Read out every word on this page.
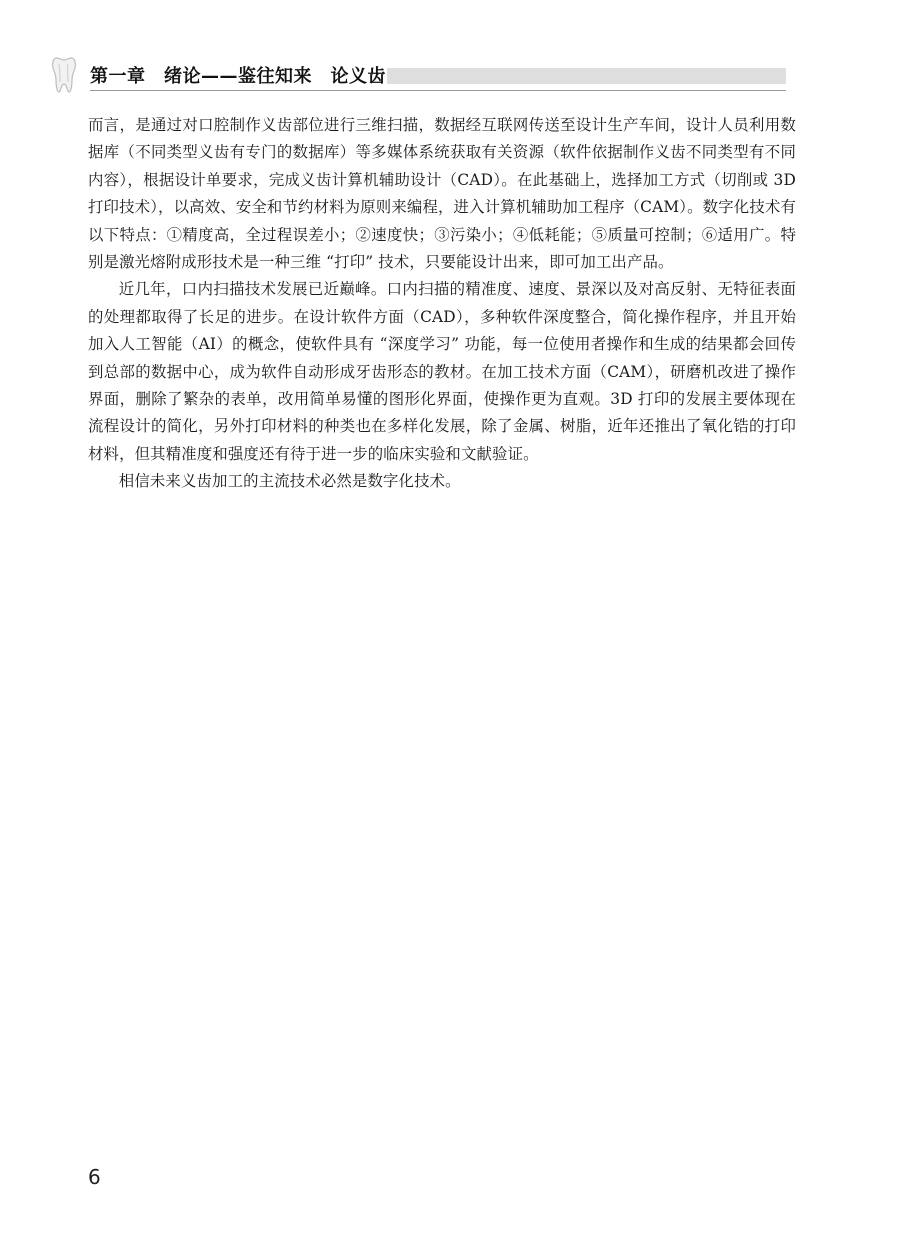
第一章　绪论——鉴往知来　论义齿

而言，是通过对口腔制作义齿部位进行三维扫描，数据经互联网传送至设计生产车间，设计人员利用数据库（不同类型义齿有专门的数据库）等多媒体系统获取有关资源（软件依据制作义齿不同类型有不同内容），根据设计单要求，完成义齿计算机辅助设计（CAD）。在此基础上，选择加工方式（切削或 3D 打印技术），以高效、安全和节约材料为原则来编程，进入计算机辅助加工程序（CAM）。数字化技术有以下特点：①精度高，全过程误差小；②速度快；③污染小；④低耗能；⑤质量可控制；⑥适用广。特别是激光熔附成形技术是一种三维 “打印” 技术，只要能设计出来，即可加工出产品。

近几年，口内扫描技术发展已近巅峰。口内扫描的精准度、速度、景深以及对高反射、无特征表面的处理都取得了长足的进步。在设计软件方面（CAD），多种软件深度整合，简化操作程序，并且开始加入人工智能（AI）的概念，使软件具有 “深度学习” 功能，每一位使用者操作和生成的结果都会回传到总部的数据中心，成为软件自动形成牙齿形态的教材。在加工技术方面（CAM），研磨机改进了操作界面，删除了繁杂的表单，改用简单易懂的图形化界面，使操作更为直观。3D 打印的发展主要体现在流程设计的简化，另外打印材料的种类也在多样化发展，除了金属、树脂，近年还推出了氧化锆的打印材料，但其精准度和强度还有待于进一步的临床实验和文献验证。

相信未来义齿加工的主流技术必然是数字化技术。

6
